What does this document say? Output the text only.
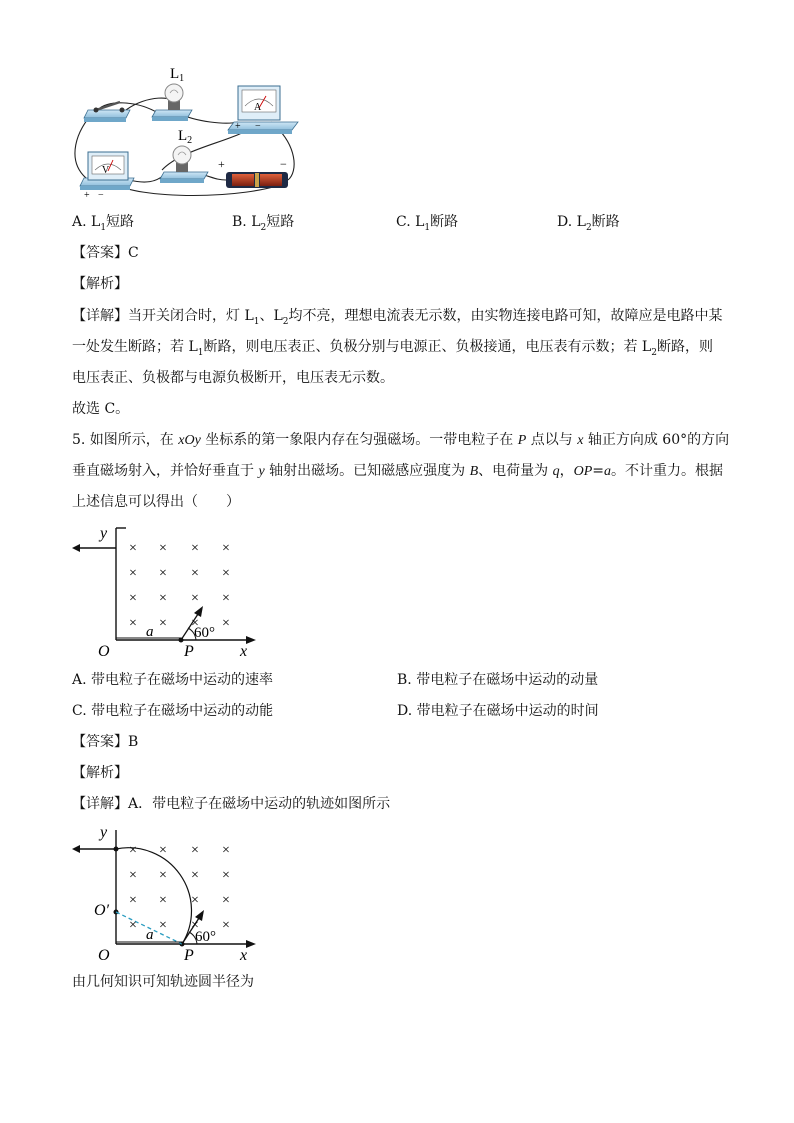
$L_1$
A
+ −
$L_2$
V
+ −
+	−
A. $L_1$短路	B. $L_2$短路	C. $L_1$断路	D. $L_2$断路
【答案】C
【解析】
【详解】当开关闭合时，灯 $L_1$、$L_2$均不亮，理想电流表无示数，由实物连接电路可知，故障应是电路中某
一处发生断路；若 $L_1$断路，则电压表正、负极分别与电源正、负极接通，电压表有示数；若 $L_2$断路，则
电压表正、负极都与电源负极断开，电压表无示数。
故选 C。
5. 如图所示，在 xOy 坐标系的第一象限内存在匀强磁场。一带电粒子在 P 点以与 x 轴正方向成 60°的方向
垂直磁场射入，并恰好垂直于 y 轴射出磁场。已知磁感应强度为 B、电荷量为 q，OP=a。不计重力。根据
上述信息可以得出（　　）
y
x
O	P
a	60°
× × × ×
× × × ×
× × × ×
× × × ×
A. 带电粒子在磁场中运动的速率	B. 带电粒子在磁场中运动的动量
C. 带电粒子在磁场中运动的动能	D. 带电粒子在磁场中运动的时间
【答案】B
【解析】
【详解】A．带电粒子在磁场中运动的轨迹如图所示
y
x
O	P
O′
a	60°
× × × ×
× × × ×
× × × ×
× × × ×
由几何知识可知轨迹圆半径为
